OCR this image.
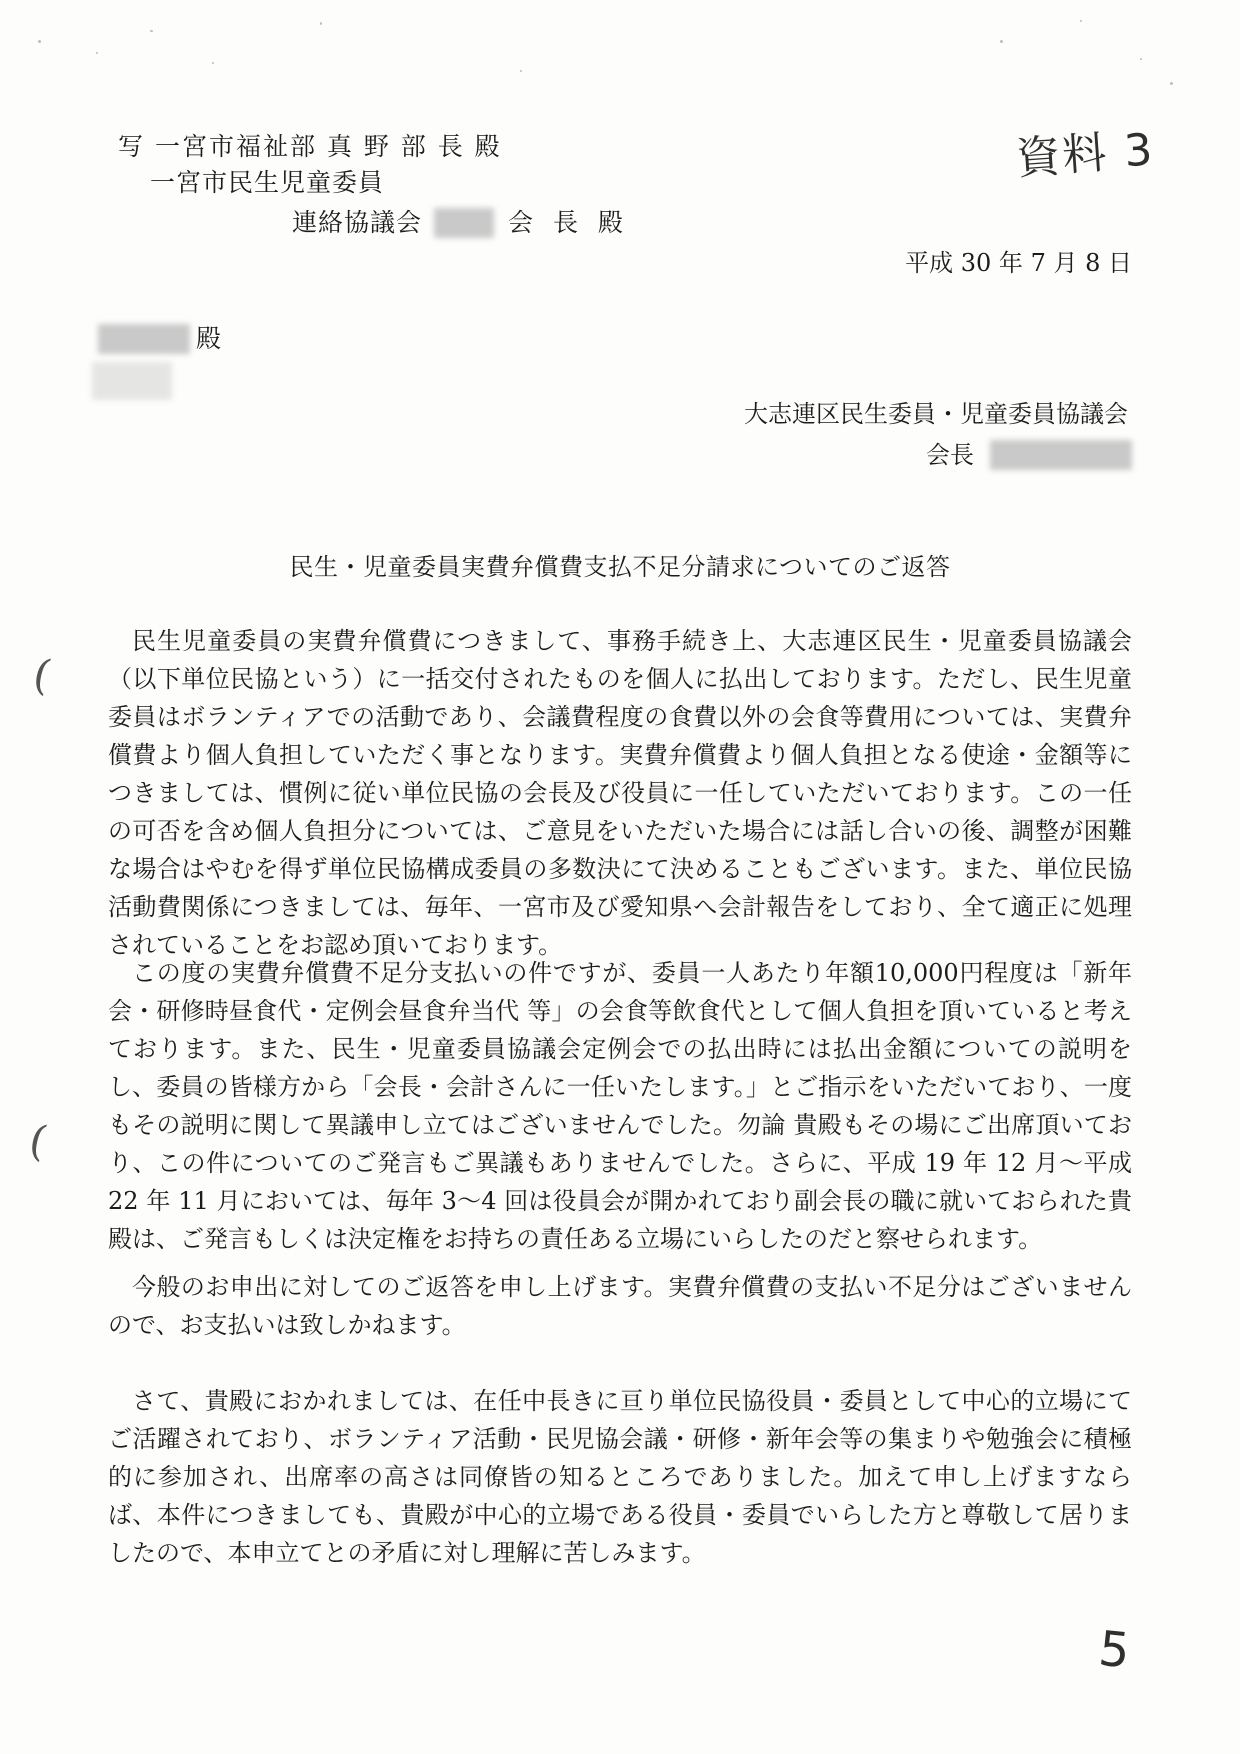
写 一宮市福祉部 真 野 部 長 殿
一宮市民生児童委員
連絡協議会	会 長 殿
資料 3
平成 30 年 7 月 8 日
殿
大志連区民生委員・児童委員協議会
会長
民生・児童委員実費弁償費支払不足分請求についてのご返答

民生児童委員の実費弁償費につきまして、事務手続き上、大志連区民生・児童委員協議会（以下単位民協という）に一括交付されたものを個人に払出しております。ただし、民生児童委員はボランティアでの活動であり、会議費程度の食費以外の会食等費用については、実費弁償費より個人負担していただく事となります。実費弁償費より個人負担となる使途・金額等につきましては、慣例に従い単位民協の会長及び役員に一任していただいております。この一任の可否を含め個人負担分については、ご意見をいただいた場合には話し合いの後、調整が困難な場合はやむを得ず単位民協構成委員の多数決にて決めることもございます。また、単位民協活動費関係につきましては、毎年、一宮市及び愛知県へ会計報告をしており、全て適正に処理されていることをお認め頂いております。

この度の実費弁償費不足分支払いの件ですが、委員一人あたり年額10,000円程度は「新年会・研修時昼食代・定例会昼食弁当代 等」の会食等飲食代として個人負担を頂いていると考えております。また、民生・児童委員協議会定例会での払出時には払出金額についての説明をし、委員の皆様方から「会長・会計さんに一任いたします。」とご指示をいただいており、一度もその説明に関して異議申し立てはございませんでした。勿論 貴殿もその場にご出席頂いており、この件についてのご発言もご異議もありませんでした。さらに、平成 19 年 12 月～平成 22 年 11 月においては、毎年 3～4 回は役員会が開かれており副会長の職に就いておられた貴殿は、ご発言もしくは決定権をお持ちの責任ある立場にいらしたのだと察せられます。

今般のお申出に対してのご返答を申し上げます。実費弁償費の支払い不足分はございませんので、お支払いは致しかねます。

さて、貴殿におかれましては、在任中長きに亘り単位民協役員・委員として中心的立場にてご活躍されており、ボランティア活動・民児協会議・研修・新年会等の集まりや勉強会に積極的に参加され、出席率の高さは同僚皆の知るところでありました。加えて申し上げますならば、本件につきましても、貴殿が中心的立場である役員・委員でいらした方と尊敬して居りましたので、本申立てとの矛盾に対し理解に苦しみます。

(
(
5
